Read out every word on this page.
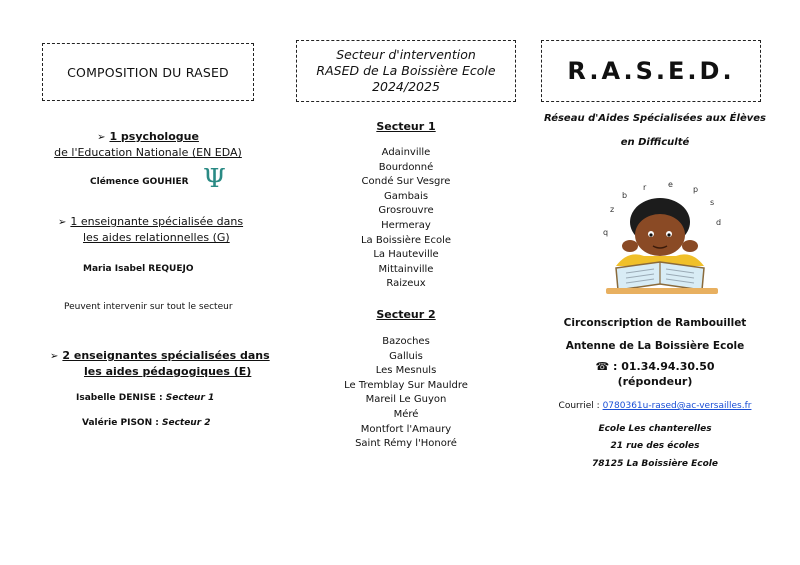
COMPOSITION DU RASED
➢ 1 psychologue
de l'Education Nationale (EN EDA)
Clémence GOUHIER Ψ
➢ 1 enseignante spécialisée dans
les aides relationnelles (G)
Maria Isabel REQUEJO
Peuvent intervenir sur tout le secteur
➢ 2 enseignantes spécialisées dans
les aides pédagogiques (E)
Isabelle DENISE : Secteur 1
Valérie PISON : Secteur 2
Secteur d'intervention
RASED de La Boissière Ecole
2024/2025
Secteur 1
Adainville
Bourdonné
Condé Sur Vesgre
Gambais
Grosrouvre
Hermeray
La Boissière Ecole
La Hauteville
Mittainville
Raizeux
Secteur 2
Bazoches
Galluis
Les Mesnuls
Le Tremblay Sur Mauldre
Mareil Le Guyon
Méré
Montfort l'Amaury
Saint Rémy l'Honoré
R.A.S.E.D.
Réseau d'Aides Spécialisées aux Élèves
en Difficulté
z
b
r	e
p
s
d
q
Circonscription de Rambouillet
Antenne de La Boissière Ecole
☎ : 01.34.94.30.50
(répondeur)
Courriel : 0780361u-rased@ac-versailles.fr
Ecole Les chanterelles
21 rue des écoles
78125 La Boissière Ecole
